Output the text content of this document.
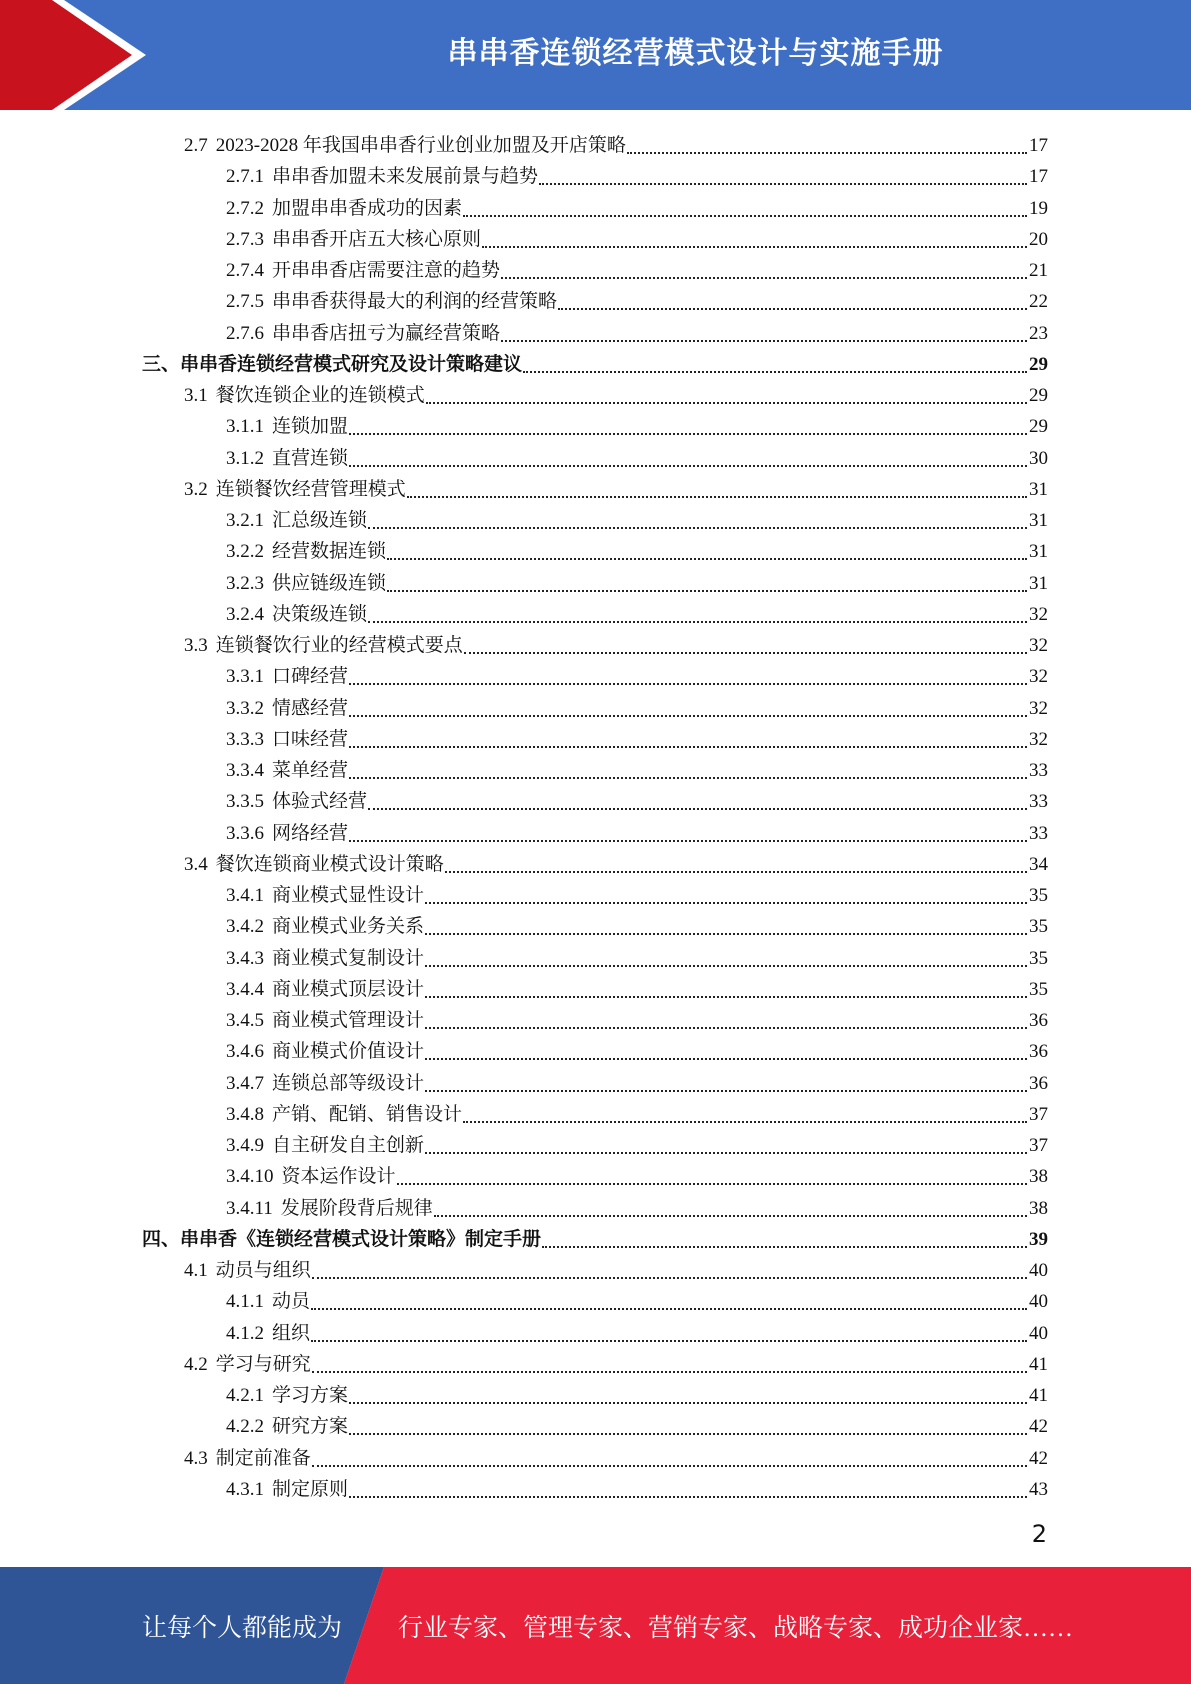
串串香连锁经营模式设计与实施手册
2.7 2023-2028 年我国串串香行业创业加盟及开店策略	17
2.7.1 串串香加盟未来发展前景与趋势	17
2.7.2 加盟串串香成功的因素	19
2.7.3 串串香开店五大核心原则	20
2.7.4 开串串香店需要注意的趋势	21
2.7.5 串串香获得最大的利润的经营策略	22
2.7.6 串串香店扭亏为赢经营策略	23
三、串串香连锁经营模式研究及设计策略建议	29
3.1 餐饮连锁企业的连锁模式	29
3.1.1 连锁加盟	29
3.1.2 直营连锁	30
3.2 连锁餐饮经营管理模式	31
3.2.1 汇总级连锁	31
3.2.2 经营数据连锁	31
3.2.3 供应链级连锁	31
3.2.4 决策级连锁	32
3.3 连锁餐饮行业的经营模式要点	32
3.3.1 口碑经营	32
3.3.2 情感经营	32
3.3.3 口味经营	32
3.3.4 菜单经营	33
3.3.5 体验式经营	33
3.3.6 网络经营	33
3.4 餐饮连锁商业模式设计策略	34
3.4.1 商业模式显性设计	35
3.4.2 商业模式业务关系	35
3.4.3 商业模式复制设计	35
3.4.4 商业模式顶层设计	35
3.4.5 商业模式管理设计	36
3.4.6 商业模式价值设计	36
3.4.7 连锁总部等级设计	36
3.4.8 产销、配销、销售设计	37
3.4.9 自主研发自主创新	37
3.4.10 资本运作设计	38
3.4.11 发展阶段背后规律	38
四、串串香《连锁经营模式设计策略》制定手册	39
4.1 动员与组织	40
4.1.1 动员	40
4.1.2 组织	40
4.2 学习与研究	41
4.2.1 学习方案	41
4.2.2 研究方案	42
4.3 制定前准备	42
4.3.1 制定原则	43
2
让每个人都能成为 行业专家、管理专家、营销专家、战略专家、成功企业家……
